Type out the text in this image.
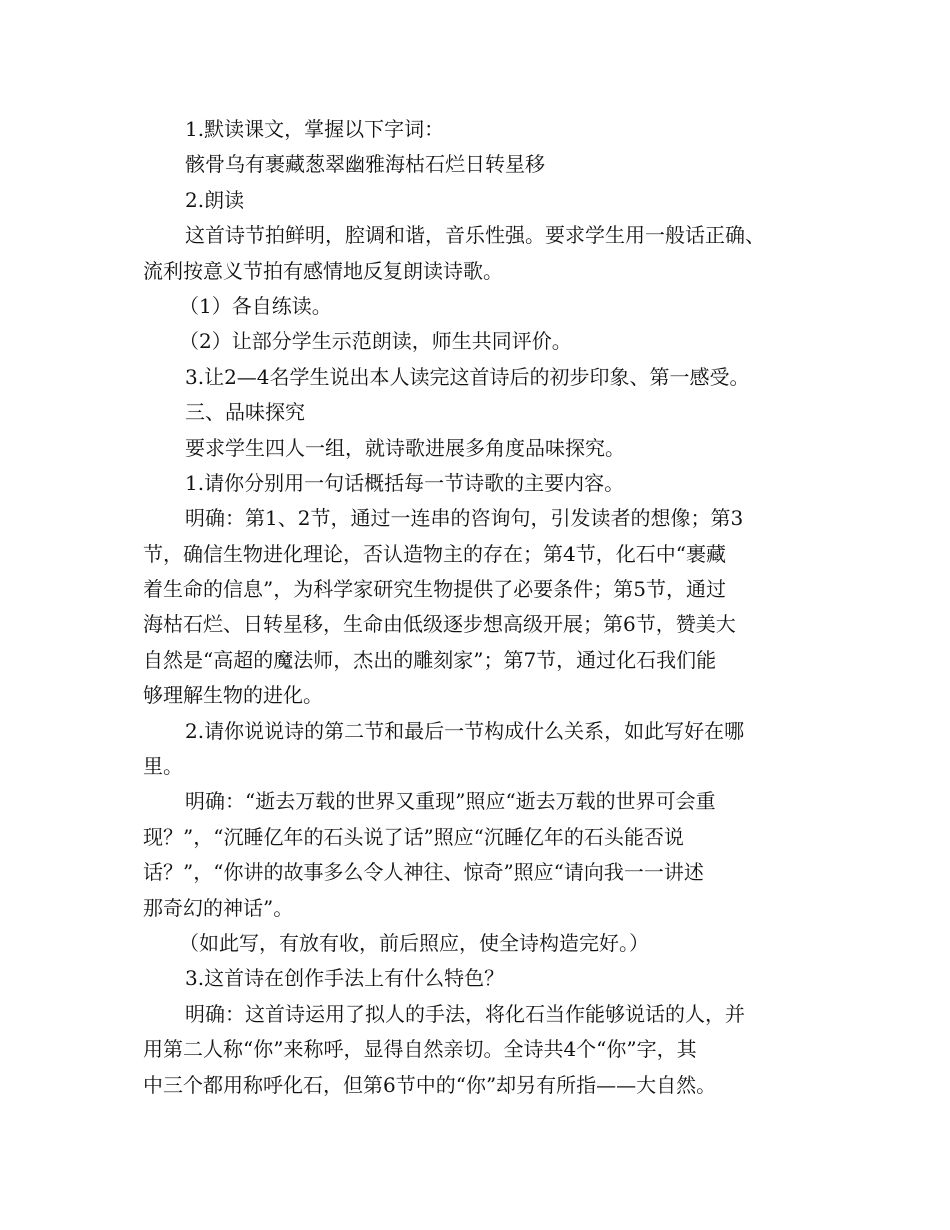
1.默读课文，掌握以下字词：
骸骨乌有裹藏葱翠幽雅海枯石烂日转星移
2.朗读
这首诗节拍鲜明，腔调和谐，音乐性强。要求学生用一般话正确、
流利按意义节拍有感情地反复朗读诗歌。
（1）各自练读。
（2）让部分学生示范朗读，师生共同评价。
3.让2—4名学生说出本人读完这首诗后的初步印象、第一感受。
三、品味探究
要求学生四人一组，就诗歌进展多角度品味探究。
1.请你分别用一句话概括每一节诗歌的主要内容。
明确：第1、2节，通过一连串的咨询句，引发读者的想像；第3
节，确信生物进化理论，否认造物主的存在；第4节，化石中“裹藏
着生命的信息”，为科学家研究生物提供了必要条件；第5节，通过
海枯石烂、日转星移，生命由低级逐步想高级开展；第6节，赞美大
自然是“高超的魔法师，杰出的雕刻家”；第7节，通过化石我们能
够理解生物的进化。
2.请你说说诗的第二节和最后一节构成什么关系，如此写好在哪
里。
明确：“逝去万载的世界又重现”照应“逝去万载的世界可会重
现？”，“沉睡亿年的石头说了话”照应“沉睡亿年的石头能否说
话？”，“你讲的故事多么令人神往、惊奇”照应“请向我一一讲述
那奇幻的神话”。
（如此写，有放有收，前后照应，使全诗构造完好。）
3.这首诗在创作手法上有什么特色？
明确：这首诗运用了拟人的手法，将化石当作能够说话的人，并
用第二人称“你”来称呼，显得自然亲切。全诗共4个“你”字，其
中三个都用称呼化石，但第6节中的“你”却另有所指——大自然。
